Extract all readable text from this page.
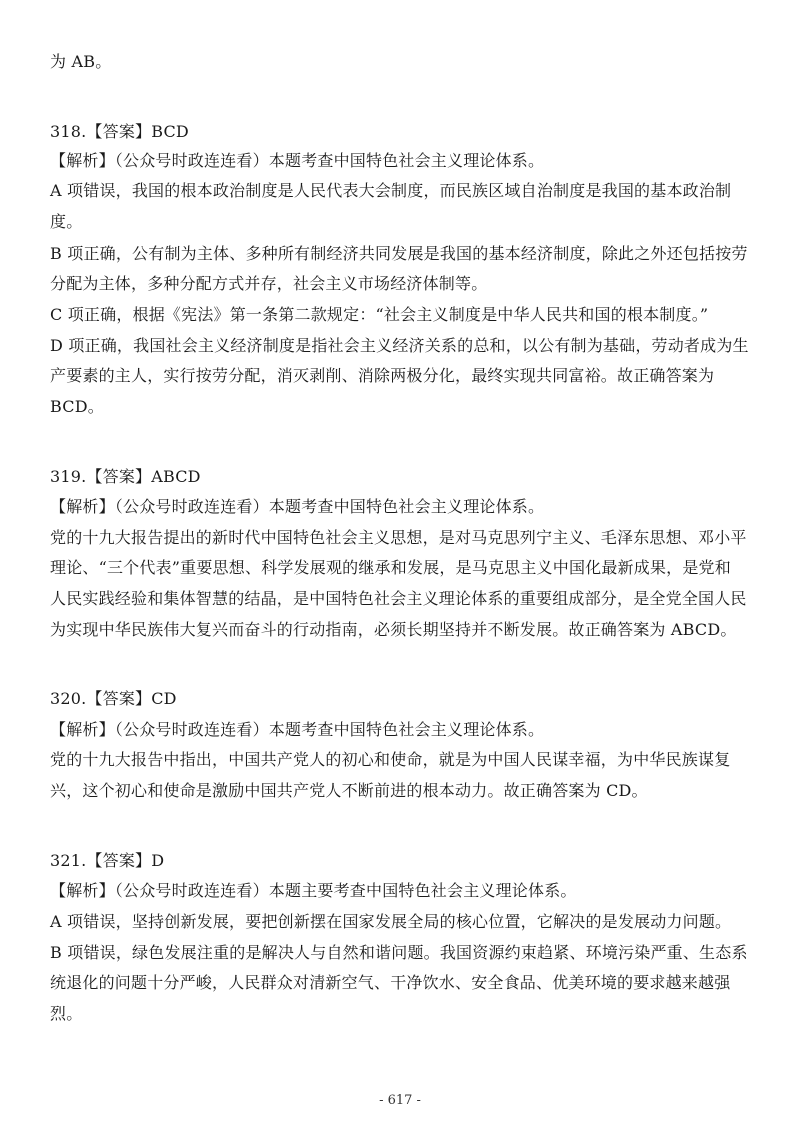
为 AB。
318.【答案】BCD
【解析】（公众号时政连连看）本题考查中国特色社会主义理论体系。
A 项错误，我国的根本政治制度是人民代表大会制度，而民族区域自治制度是我国的基本政治制
度。
B 项正确，公有制为主体、多种所有制经济共同发展是我国的基本经济制度，除此之外还包括按劳
分配为主体，多种分配方式并存，社会主义市场经济体制等。
C 项正确，根据《宪法》第一条第二款规定：“社会主义制度是中华人民共和国的根本制度。”
D 项正确，我国社会主义经济制度是指社会主义经济关系的总和，以公有制为基础，劳动者成为生
产要素的主人，实行按劳分配，消灭剥削、消除两极分化，最终实现共同富裕。故正确答案为
BCD。
319.【答案】ABCD
【解析】（公众号时政连连看）本题考查中国特色社会主义理论体系。
党的十九大报告提出的新时代中国特色社会主义思想，是对马克思列宁主义、毛泽东思想、邓小平
理论、“三个代表”重要思想、科学发展观的继承和发展，是马克思主义中国化最新成果，是党和
人民实践经验和集体智慧的结晶，是中国特色社会主义理论体系的重要组成部分，是全党全国人民
为实现中华民族伟大复兴而奋斗的行动指南，必须长期坚持并不断发展。故正确答案为 ABCD。
320.【答案】CD
【解析】（公众号时政连连看）本题考查中国特色社会主义理论体系。
党的十九大报告中指出，中国共产党人的初心和使命，就是为中国人民谋幸福，为中华民族谋复
兴，这个初心和使命是激励中国共产党人不断前进的根本动力。故正确答案为 CD。
321.【答案】D
【解析】（公众号时政连连看）本题主要考查中国特色社会主义理论体系。
A 项错误，坚持创新发展，要把创新摆在国家发展全局的核心位置，它解决的是发展动力问题。
B 项错误，绿色发展注重的是解决人与自然和谐问题。我国资源约束趋紧、环境污染严重、生态系
统退化的问题十分严峻，人民群众对清新空气、干净饮水、安全食品、优美环境的要求越来越强
烈。
- 617 -
